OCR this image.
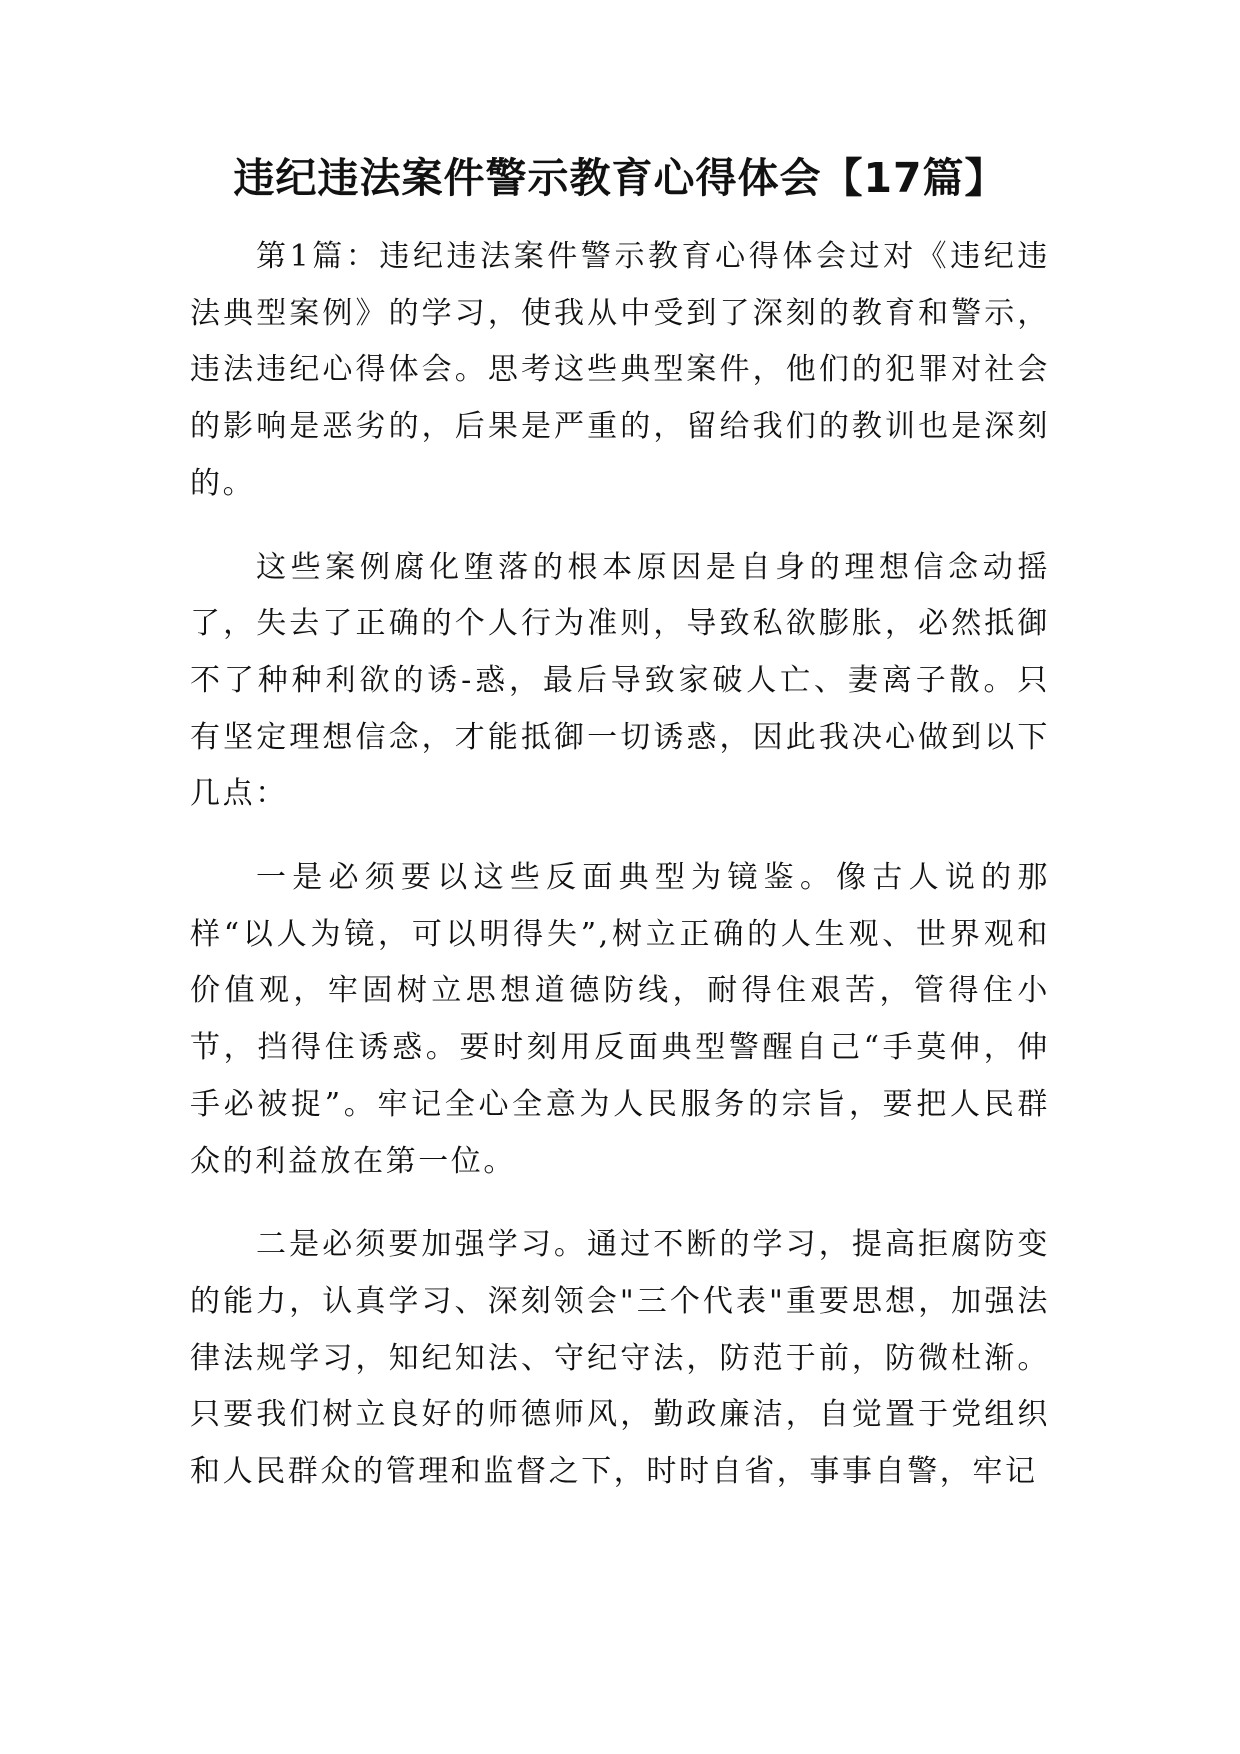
违纪违法案件警示教育心得体会【17篇】

第1篇：违纪违法案件警示教育心得体会过对《违纪违法典型案例》的学习，使我从中受到了深刻的教育和警示，违法违纪心得体会。思考这些典型案件，他们的犯罪对社会的影响是恶劣的，后果是严重的，留给我们的教训也是深刻的。

这些案例腐化堕落的根本原因是自身的理想信念动摇了，失去了正确的个人行为准则，导致私欲膨胀，必然抵御不了种种利欲的诱-惑，最后导致家破人亡、妻离子散。只有坚定理想信念，才能抵御一切诱惑，因此我决心做到以下几点：

一是必须要以这些反面典型为镜鉴。像古人说的那样“以人为镜，可以明得失”,树立正确的人生观、世界观和价值观，牢固树立思想道德防线，耐得住艰苦，管得住小节，挡得住诱惑。要时刻用反面典型警醒自己“手莫伸，伸手必被捉”。牢记全心全意为人民服务的宗旨，要把人民群众的利益放在第一位。

二是必须要加强学习。通过不断的学习，提高拒腐防变的能力，认真学习、深刻领会"三个代表"重要思想，加强法律法规学习，知纪知法、守纪守法，防范于前，防微杜渐。只要我们树立良好的师德师风，勤政廉洁，自觉置于党组织和人民群众的管理和监督之下，时时自省，事事自警，牢记
